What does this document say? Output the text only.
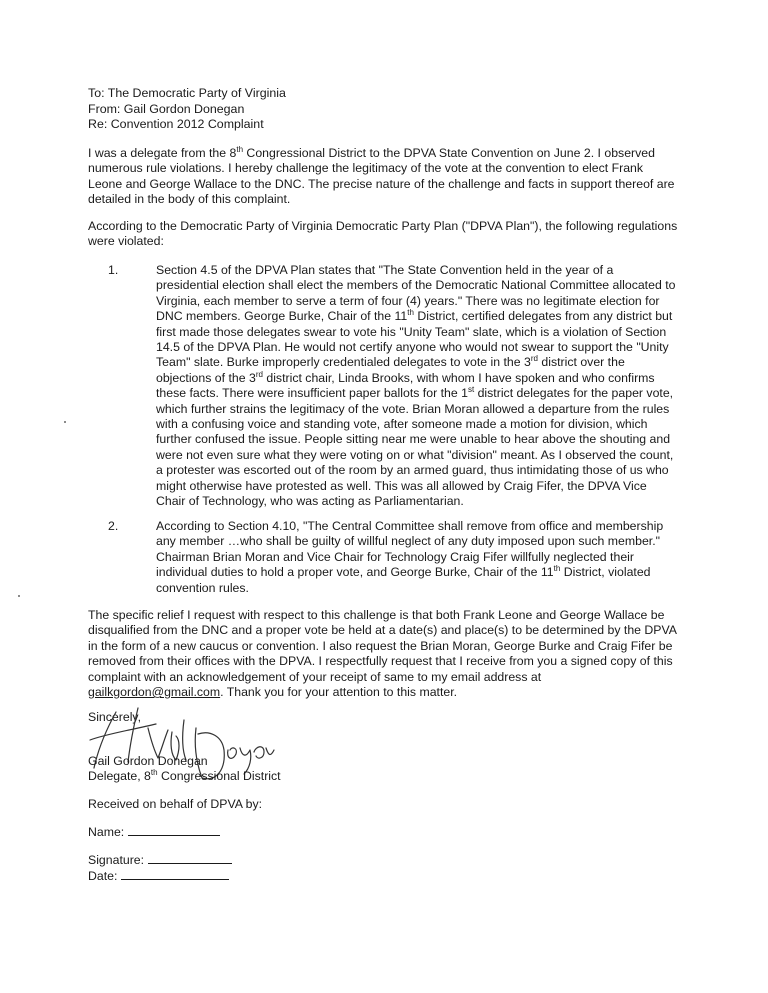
To: The Democratic Party of Virginia
From: Gail Gordon Donegan
Re: Convention 2012 Complaint

I was a delegate from the 8th Congressional District to the DPVA State Convention on June 2. I observed numerous rule violations. I hereby challenge the legitimacy of the vote at the convention to elect Frank Leone and George Wallace to the DNC. The precise nature of the challenge and facts in support thereof are detailed in the body of this complaint.

According to the Democratic Party of Virginia Democratic Party Plan ("DPVA Plan"), the following regulations were violated:

1.	Section 4.5 of the DPVA Plan states that "The State Convention held in the year of a presidential election shall elect the members of the Democratic National Committee allocated to Virginia, each member to serve a term of four (4) years." There was no legitimate election for DNC members. George Burke, Chair of the 11th District, certified delegates from any district but first made those delegates swear to vote his "Unity Team" slate, which is a violation of Section 14.5 of the DPVA Plan. He would not certify anyone who would not swear to support the "Unity Team" slate. Burke improperly credentialed delegates to vote in the 3rd district over the objections of the 3rd district chair, Linda Brooks, with whom I have spoken and who confirms these facts. There were insufficient paper ballots for the 1st district delegates for the paper vote, which further strains the legitimacy of the vote. Brian Moran allowed a departure from the rules with a confusing voice and standing vote, after someone made a motion for division, which further confused the issue. People sitting near me were unable to hear above the shouting and were not even sure what they were voting on or what "division" meant. As I observed the count, a protester was escorted out of the room by an armed guard, thus intimidating those of us who might otherwise have protested as well. This was all allowed by Craig Fifer, the DPVA Vice Chair of Technology, who was acting as Parliamentarian.

2.	According to Section 4.10, "The Central Committee shall remove from office and membership any member …who shall be guilty of willful neglect of any duty imposed upon such member." Chairman Brian Moran and Vice Chair for Technology Craig Fifer willfully neglected their individual duties to hold a proper vote, and George Burke, Chair of the 11th District, violated convention rules.

The specific relief I request with respect to this challenge is that both Frank Leone and George Wallace be disqualified from the DNC and a proper vote be held at a date(s) and place(s) to be determined by the DPVA in the form of a new caucus or convention. I also request the Brian Moran, George Burke and Craig Fifer be removed from their offices with the DPVA. I respectfully request that I receive from you a signed copy of this complaint with an acknowledgement of your receipt of same to my email address at gailkgordon@gmail.com. Thank you for your attention to this matter.

Sincerely,
Gail Gordon Donegan
Delegate, 8th Congressional District
Received on behalf of DPVA by:
Name:
Signature:
Date:
